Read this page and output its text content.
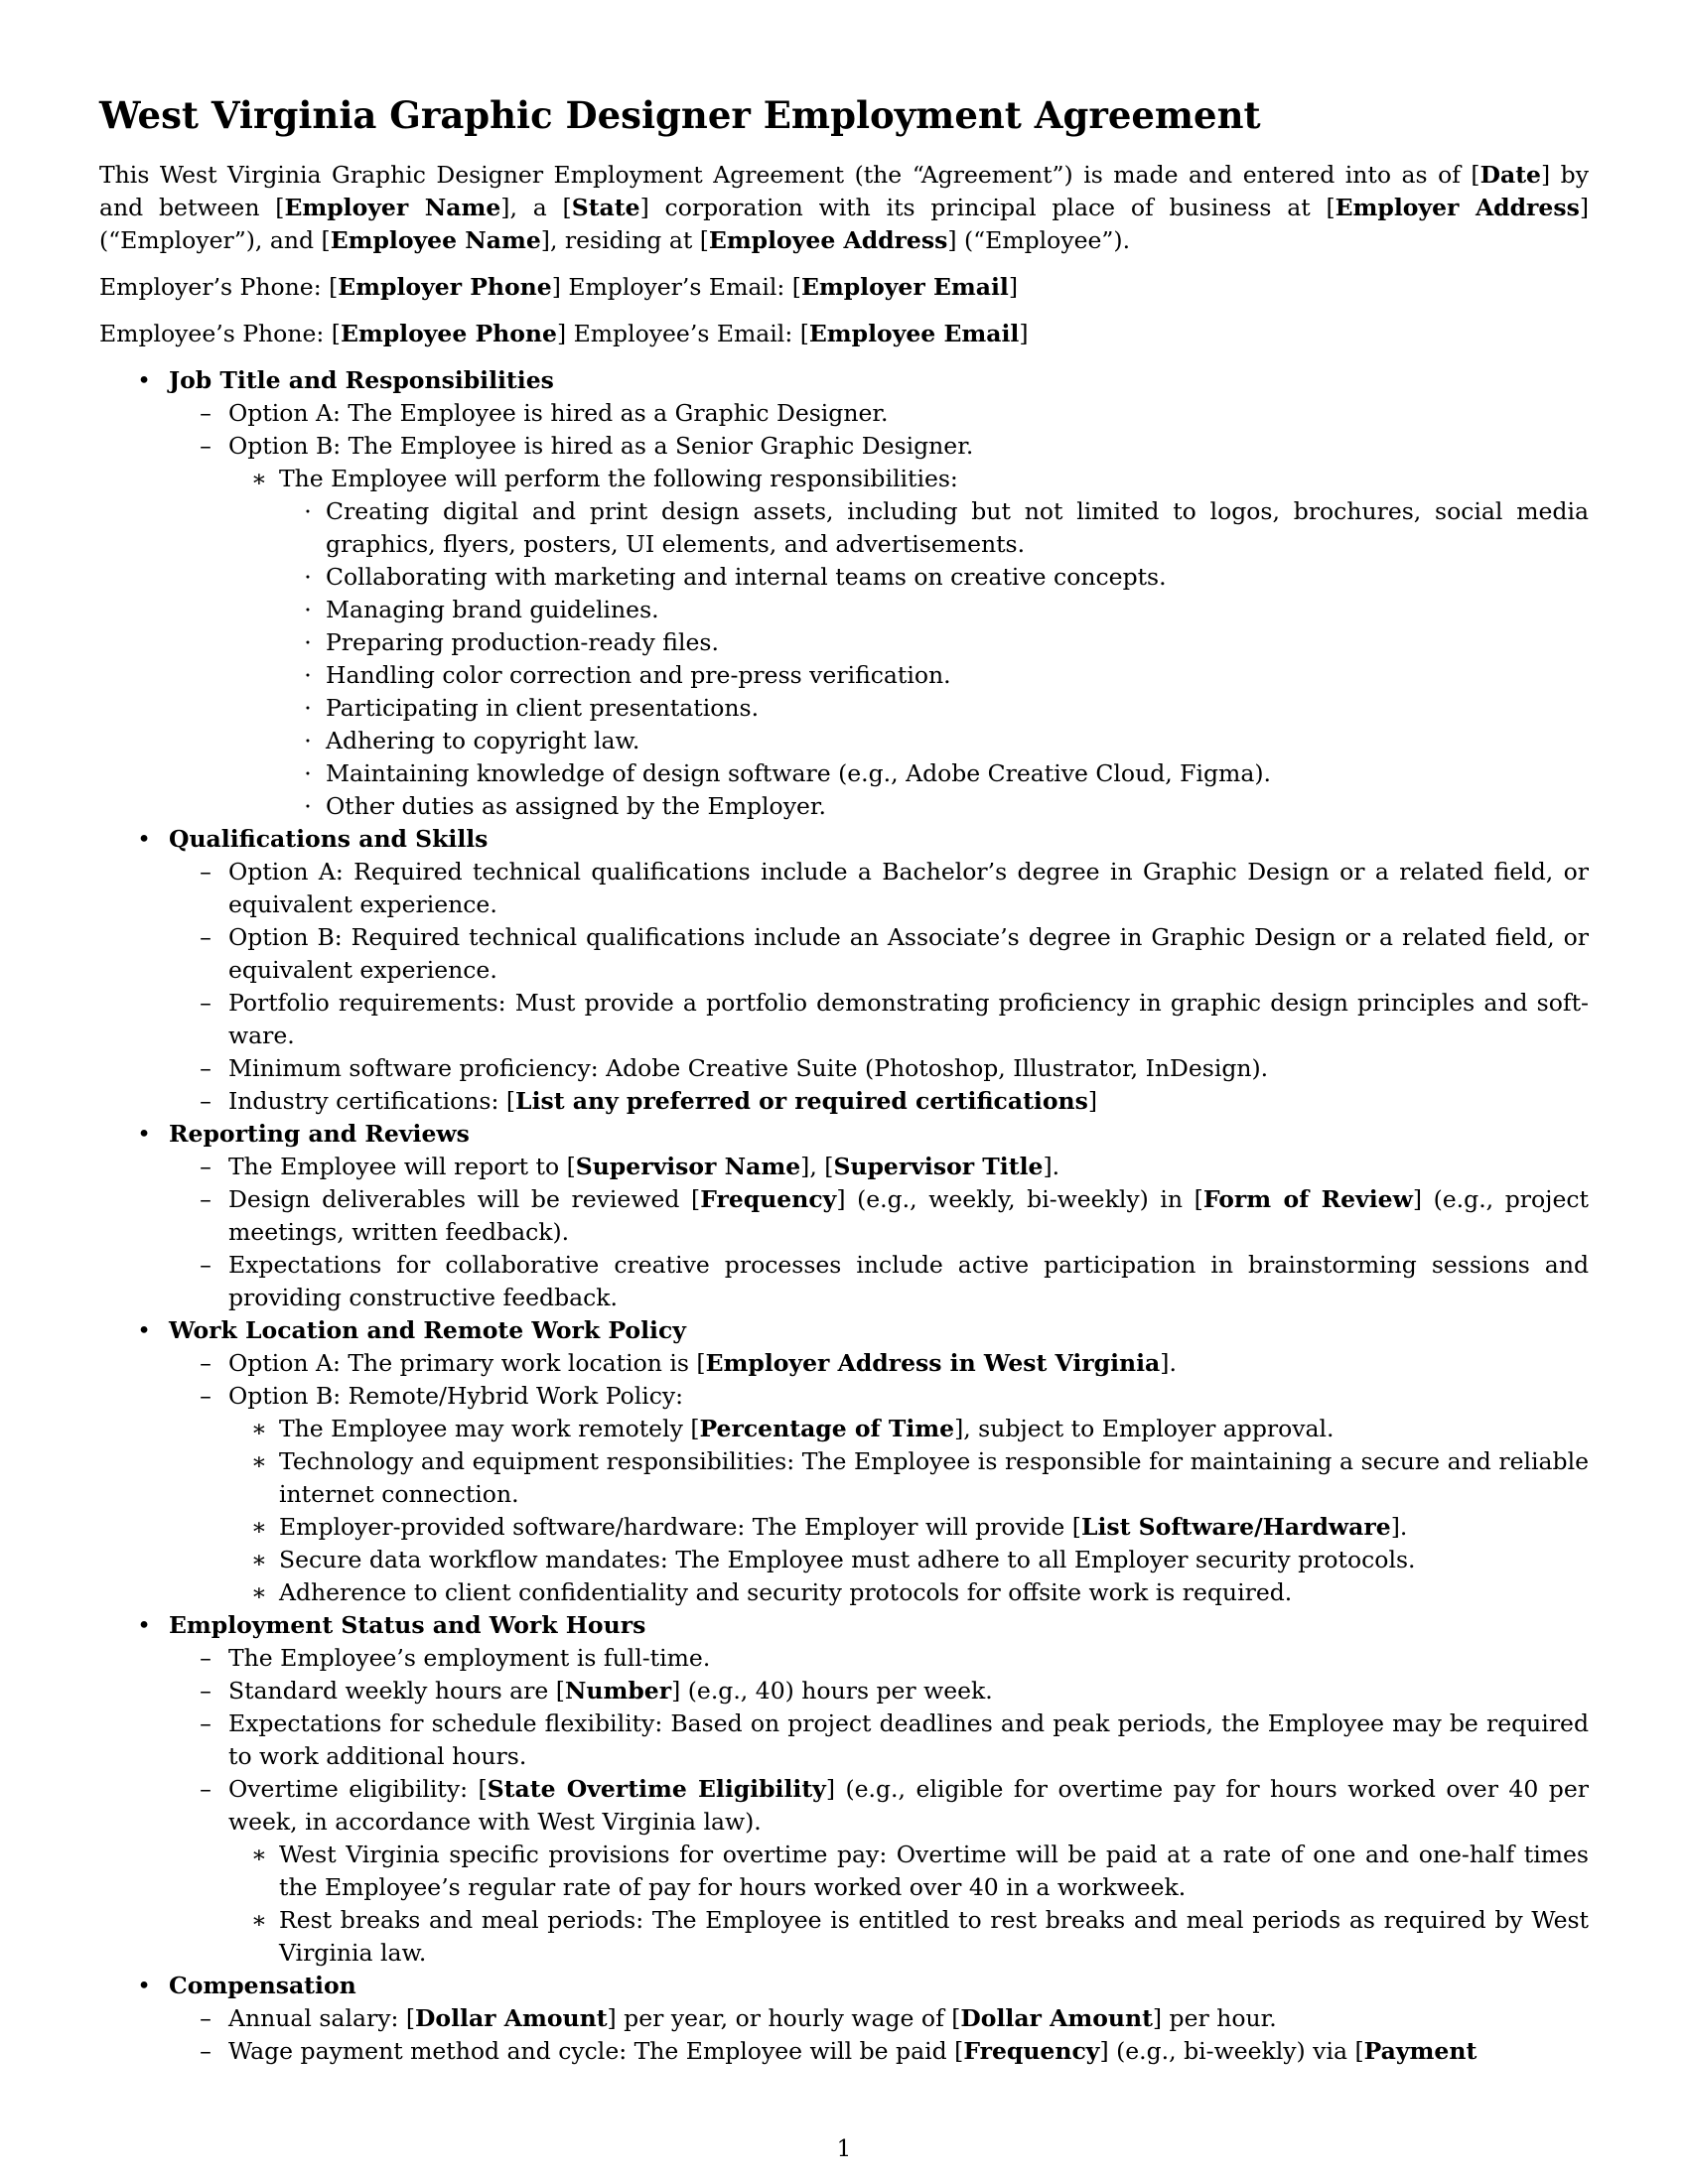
West Virginia Graphic Designer Employment Agreement

This West Virginia Graphic Designer Employment Agreement (the “Agreement”) is made and entered into as of [Date] by and between [Employer Name], a [State] corporation with its principal place of business at [Employer Address] (“Employer”), and [Employee Name], residing at [Employee Address] (“Employee”).

Employer’s Phone: [Employer Phone] Employer’s Email: [Employer Email]

Employee’s Phone: [Employee Phone] Employee’s Email: [Employee Email]

• Job Title and Responsibilities
– Option A: The Employee is hired as a Graphic Designer.
– Option B: The Employee is hired as a Senior Graphic Designer.
∗ The Employee will perform the following responsibilities:
· Creating digital and print design assets, including but not limited to logos, brochures, social media graphics, flyers, posters, UI elements, and advertisements.
· Collaborating with marketing and internal teams on creative concepts.
· Managing brand guidelines.
· Preparing production-ready files.
· Handling color correction and pre-press verification.
· Participating in client presentations.
· Adhering to copyright law.
· Maintaining knowledge of design software (e.g., Adobe Creative Cloud, Figma).
· Other duties as assigned by the Employer.
• Qualifications and Skills
– Option A: Required technical qualifications include a Bachelor’s degree in Graphic Design or a related field, or equivalent experience.
– Option B: Required technical qualifications include an Associate’s degree in Graphic Design or a related field, or equivalent experience.
– Portfolio requirements: Must provide a portfolio demonstrating proficiency in graphic design principles and software.
– Minimum software proficiency: Adobe Creative Suite (Photoshop, Illustrator, InDesign).
– Industry certifications: [List any preferred or required certifications]
• Reporting and Reviews
– The Employee will report to [Supervisor Name], [Supervisor Title].
– Design deliverables will be reviewed [Frequency] (e.g., weekly, bi-weekly) in [Form of Review] (e.g., project meetings, written feedback).
– Expectations for collaborative creative processes include active participation in brainstorming sessions and providing constructive feedback.
• Work Location and Remote Work Policy
– Option A: The primary work location is [Employer Address in West Virginia].
– Option B: Remote/Hybrid Work Policy:
∗ The Employee may work remotely [Percentage of Time], subject to Employer approval.
∗ Technology and equipment responsibilities: The Employee is responsible for maintaining a secure and reliable internet connection.
∗ Employer-provided software/hardware: The Employer will provide [List Software/Hardware].
∗ Secure data workflow mandates: The Employee must adhere to all Employer security protocols.
∗ Adherence to client confidentiality and security protocols for offsite work is required.
• Employment Status and Work Hours
– The Employee’s employment is full-time.
– Standard weekly hours are [Number] (e.g., 40) hours per week.
– Expectations for schedule flexibility: Based on project deadlines and peak periods, the Employee may be required to work additional hours.
– Overtime eligibility: [State Overtime Eligibility] (e.g., eligible for overtime pay for hours worked over 40 per week, in accordance with West Virginia law).
∗ West Virginia specific provisions for overtime pay: Overtime will be paid at a rate of one and one-half times the Employee’s regular rate of pay for hours worked over 40 in a workweek.
∗ Rest breaks and meal periods: The Employee is entitled to rest breaks and meal periods as required by West Virginia law.
• Compensation
– Annual salary: [Dollar Amount] per year, or hourly wage of [Dollar Amount] per hour.
– Wage payment method and cycle: The Employee will be paid [Frequency] (e.g., bi-weekly) via [Payment
1
